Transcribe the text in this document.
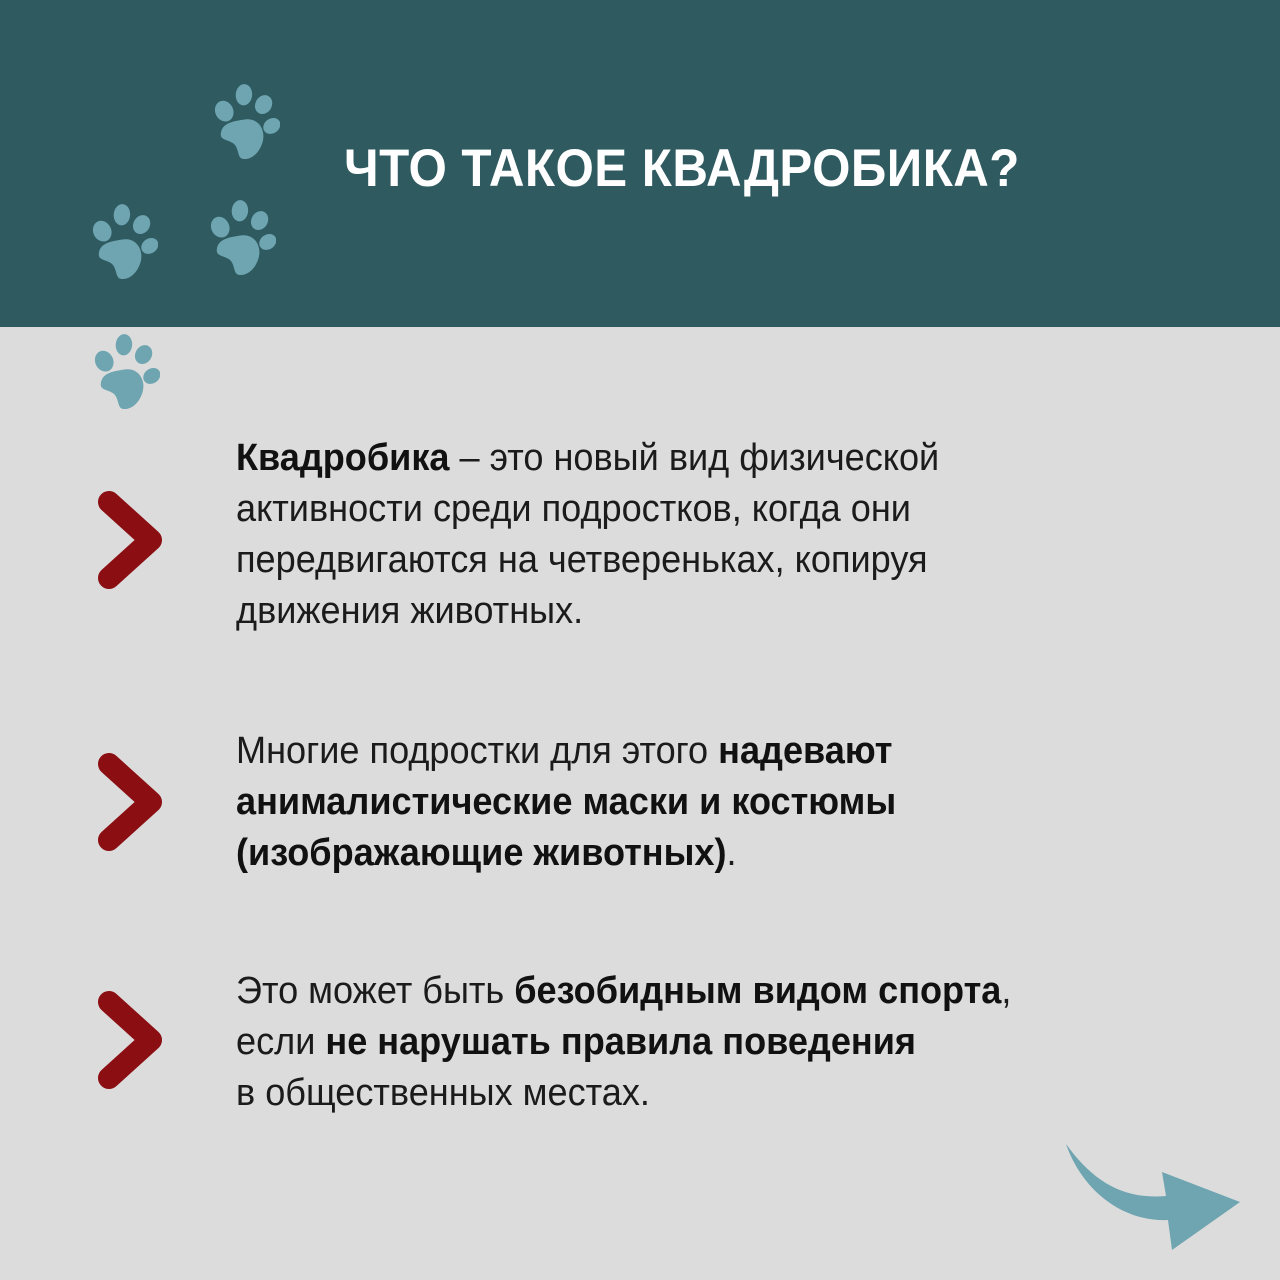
ЧТО ТАКОЕ КВАДРОБИКА?
Квадробика – это новый вид физической
активности среди подростков, когда они
передвигаются на четвереньках, копируя
движения животных.
Многие подростки для этого надевают
анималистические маски и костюмы
(изображающие животных).
Это может быть безобидным видом спорта,
если не нарушать правила поведения
в общественных местах.
